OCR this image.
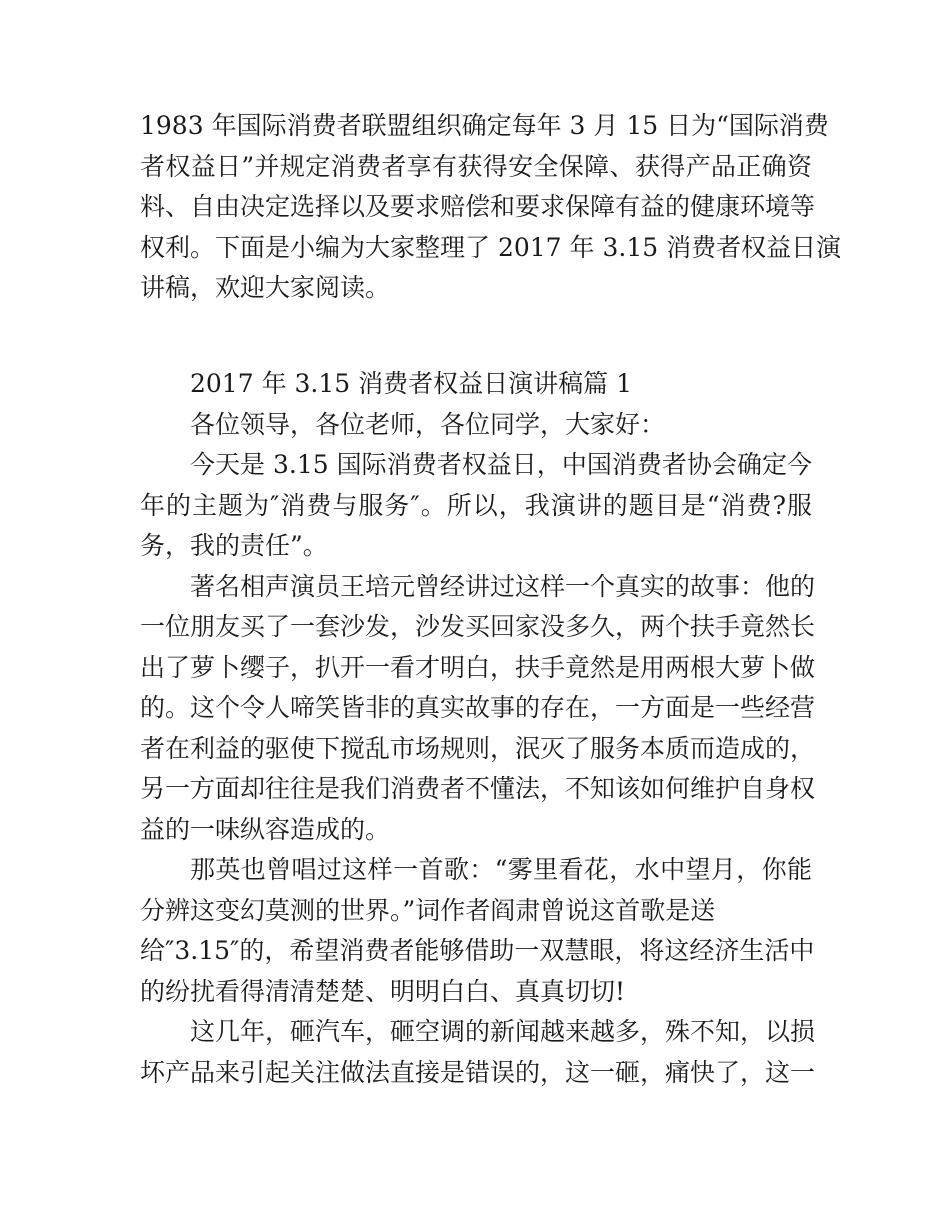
1983 年国际消费者联盟组织确定每年 3 月 15 日为“国际消费
者权益日”并规定消费者享有获得安全保障、获得产品正确资
料、自由决定选择以及要求赔偿和要求保障有益的健康环境等
权利。下面是小编为大家整理了 2017 年 3.15 消费者权益日演
讲稿，欢迎大家阅读。
2017 年 3.15 消费者权益日演讲稿篇 1
各位领导，各位老师，各位同学，大家好：
今天是 3.15 国际消费者权益日，中国消费者协会确定今
年的主题为″消费与服务″。所以，我演讲的题目是“消费?服
务，我的责任”。
著名相声演员王培元曾经讲过这样一个真实的故事：他的
一位朋友买了一套沙发，沙发买回家没多久，两个扶手竟然长
出了萝卜缨子，扒开一看才明白，扶手竟然是用两根大萝卜做
的。这个令人啼笑皆非的真实故事的存在，一方面是一些经营
者在利益的驱使下搅乱市场规则，泯灭了服务本质而造成的，
另一方面却往往是我们消费者不懂法，不知该如何维护自身权
益的一味纵容造成的。
那英也曾唱过这样一首歌：“雾里看花，水中望月，你能
分辨这变幻莫测的世界。”词作者阎肃曾说这首歌是送
给″3.15″的，希望消费者能够借助一双慧眼，将这经济生活中
的纷扰看得清清楚楚、明明白白、真真切切!
这几年，砸汽车，砸空调的新闻越来越多，殊不知，以损
坏产品来引起关注做法直接是错误的，这一砸，痛快了，这一
